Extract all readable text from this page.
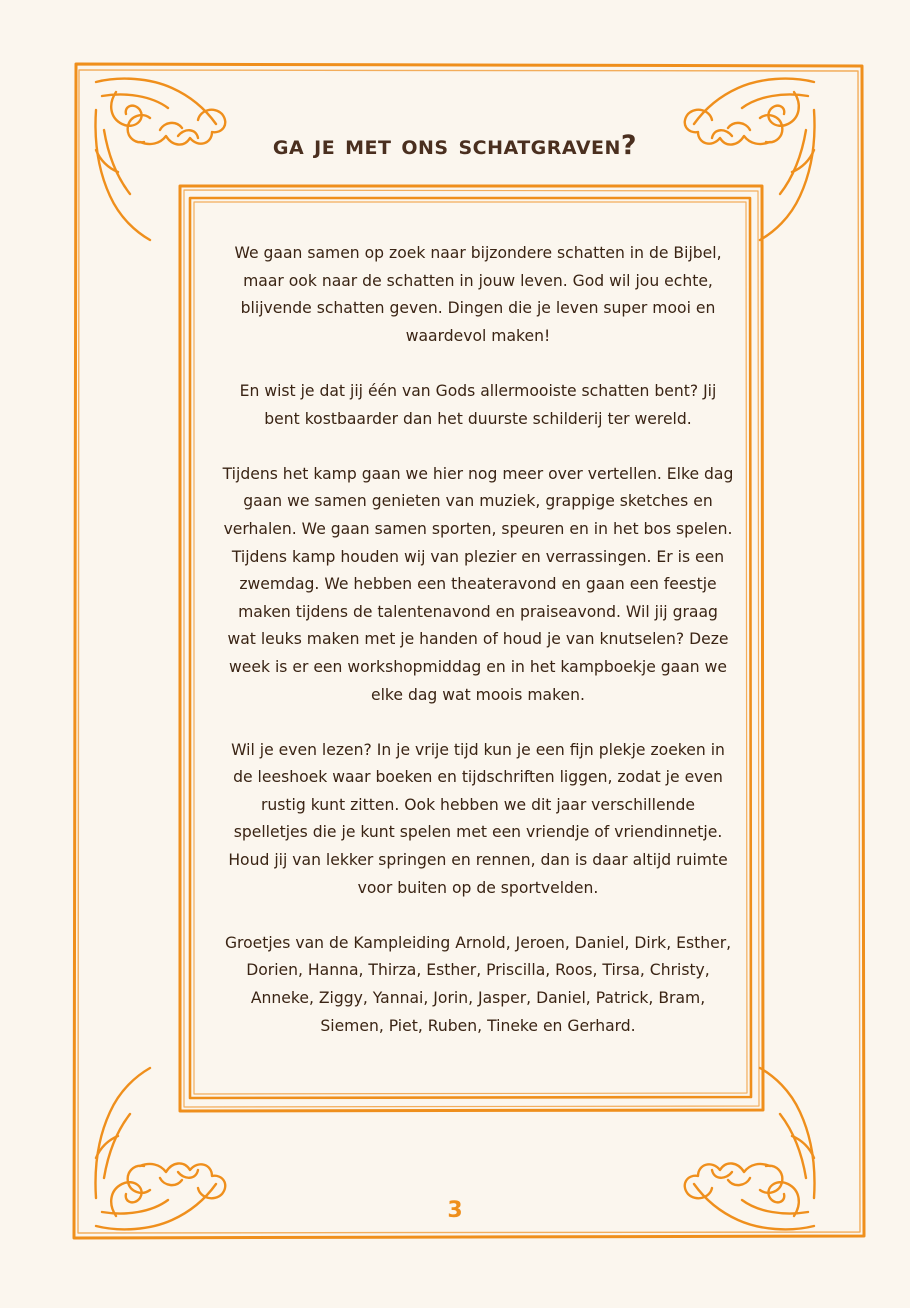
ga je met ons schatgraven?

We gaan samen op zoek naar bijzondere schatten in de Bijbel, maar ook naar de schatten in jouw leven. God wil jou echte, blijvende schatten geven. Dingen die je leven super mooi en waardevol maken!

En wist je dat jij één van Gods allermooiste schatten bent? Jij bent kostbaarder dan het duurste schilderij ter wereld.

Tijdens het kamp gaan we hier nog meer over vertellen. Elke dag gaan we samen genieten van muziek, grappige sketches en verhalen. We gaan samen sporten, speuren en in het bos spelen. Tijdens kamp houden wij van plezier en verrassingen. Er is een zwemdag. We hebben een theateravond en gaan een feestje maken tijdens de talentenavond en praiseavond. Wil jij graag wat leuks maken met je handen of houd je van knutselen? Deze week is er een workshopmiddag en in het kampboekje gaan we elke dag wat moois maken.

Wil je even lezen? In je vrije tijd kun je een fijn plekje zoeken in de leeshoek waar boeken en tijdschriften liggen, zodat je even rustig kunt zitten. Ook hebben we dit jaar verschillende spelletjes die je kunt spelen met een vriendje of vriendinnetje. Houd jij van lekker springen en rennen, dan is daar altijd ruimte voor buiten op de sportvelden.

Groetjes van de Kampleiding Arnold, Jeroen, Daniel, Dirk, Esther, Dorien, Hanna, Thirza, Esther, Priscilla, Roos, Tirsa, Christy, Anneke, Ziggy, Yannai, Jorin, Jasper, Daniel, Patrick, Bram, Siemen, Piet, Ruben, Tineke en Gerhard.

3
